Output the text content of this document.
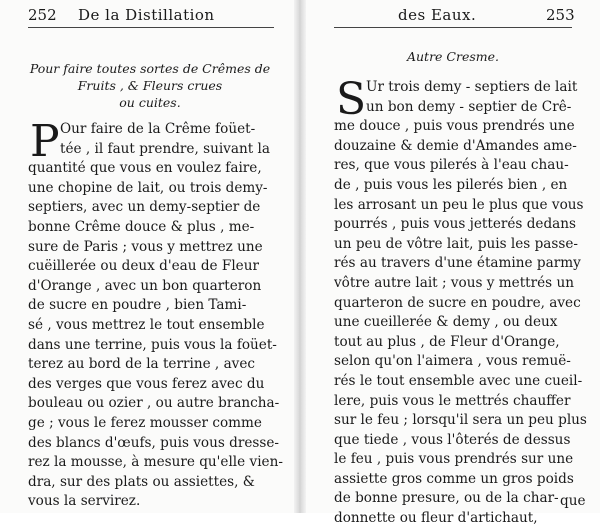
252 De la Distillation
Pour faire toutes sortes de Crêmes de
Fruits , & Fleurs crues
ou cuites.
P Our faire de la Crême foüet-
tée , il faut prendre, suivant la
quantité que vous en voulez faire,
une chopine de lait, ou trois demy-
septiers, avec un demy-septier de
bonne Crême douce & plus , me-
sure de Paris ; vous y mettrez une
cuëillerée ou deux d'eau de Fleur
d'Orange , avec un bon quarteron
de sucre en poudre , bien Tami-
sé , vous mettrez le tout ensemble
dans une terrine, puis vous la foüet-
terez au bord de la terrine , avec
des verges que vous ferez avec du
bouleau ou ozier , ou autre brancha-
ge ; vous le ferez mousser comme
des blancs d'œufs, puis vous dresse-
rez la mousse, à mesure qu'elle vien-
dra, sur des plats ou assiettes, &
vous la servirez.
des Eaux.	253
Autre Cresme.
S Ur trois demy - septiers de lait
un bon demy - septier de Crê-
me douce , puis vous prendrés une
douzaine & demie d'Amandes ame-
res, que vous pilerés à l'eau chau-
de , puis vous les pilerés bien , en
les arrosant un peu le plus que vous
pourrés , puis vous jetterés dedans
un peu de vôtre lait, puis les passe-
rés au travers d'une étamine parmy
vôtre autre lait ; vous y mettrés un
quarteron de sucre en poudre, avec
une cueillerée & demy , ou deux
tout au plus , de Fleur d'Orange,
selon qu'on l'aimera , vous remuë-
rés le tout ensemble avec une cueil-
lere, puis vous le mettrés chauffer
sur le feu ; lorsqu'il sera un peu plus
que tiede , vous l'ôterés de dessus
le feu , puis vous prendrés sur une
assiette gros comme un gros poids
de bonne presure, ou de la char-
donnette ou fleur d'artichaut,
que
